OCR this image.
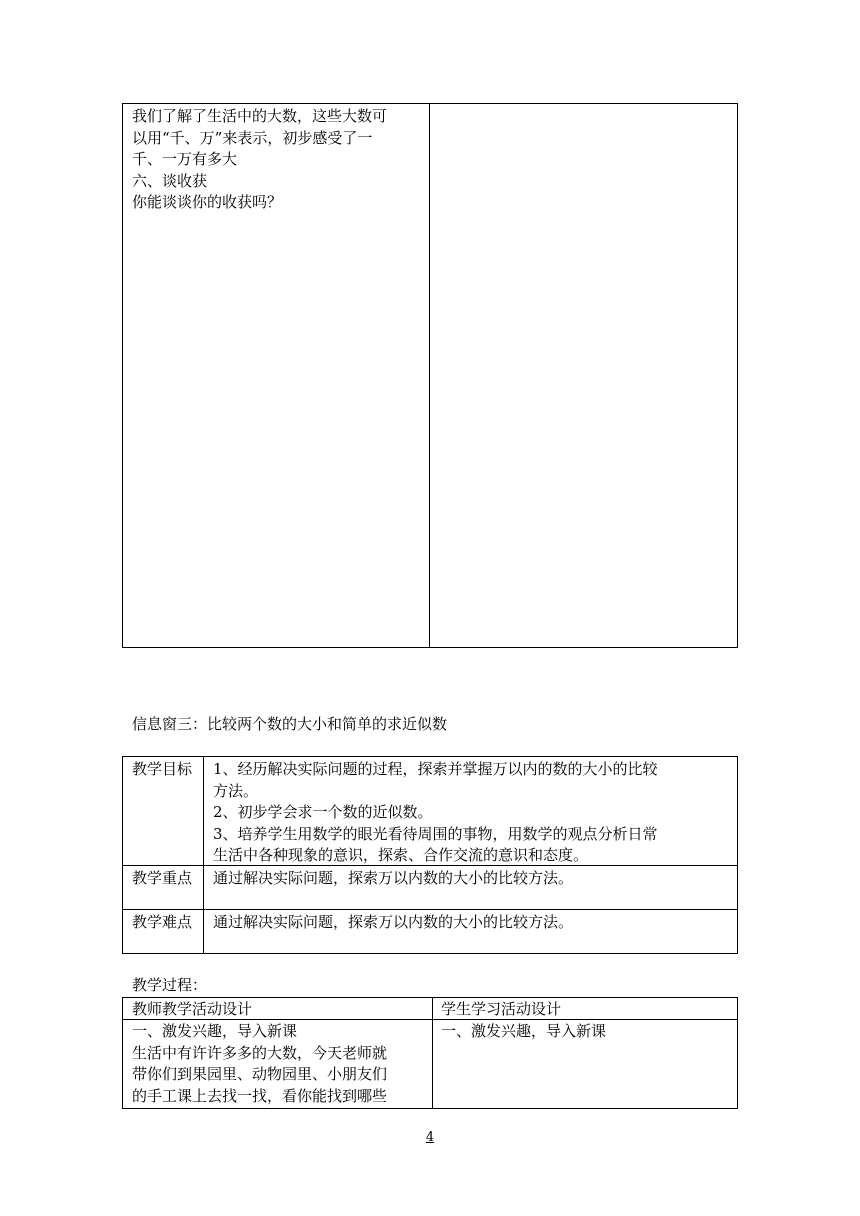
我们了解了生活中的大数，这些大数可
以用“千、万”来表示，初步感受了一
千、一万有多大
六、谈收获
你能谈谈你的收获吗？
信息窗三：比较两个数的大小和简单的求近似数
教学目标 1、经历解决实际问题的过程，探索并掌握万以内的数的大小的比较
方法。
2、初步学会求一个数的近似数。
3、培养学生用数学的眼光看待周围的事物，用数学的观点分析日常
生活中各种现象的意识，探索、合作交流的意识和态度。
教学重点 通过解决实际问题，探索万以内数的大小的比较方法。
教学难点 通过解决实际问题，探索万以内数的大小的比较方法。
教学过程：
教师教学活动设计	学生学习活动设计
一、激发兴趣，导入新课
生活中有许许多多的大数，今天老师就
带你们到果园里、动物园里、小朋友们
的手工课上去找一找，看你能找到哪些
一、激发兴趣，导入新课
4
